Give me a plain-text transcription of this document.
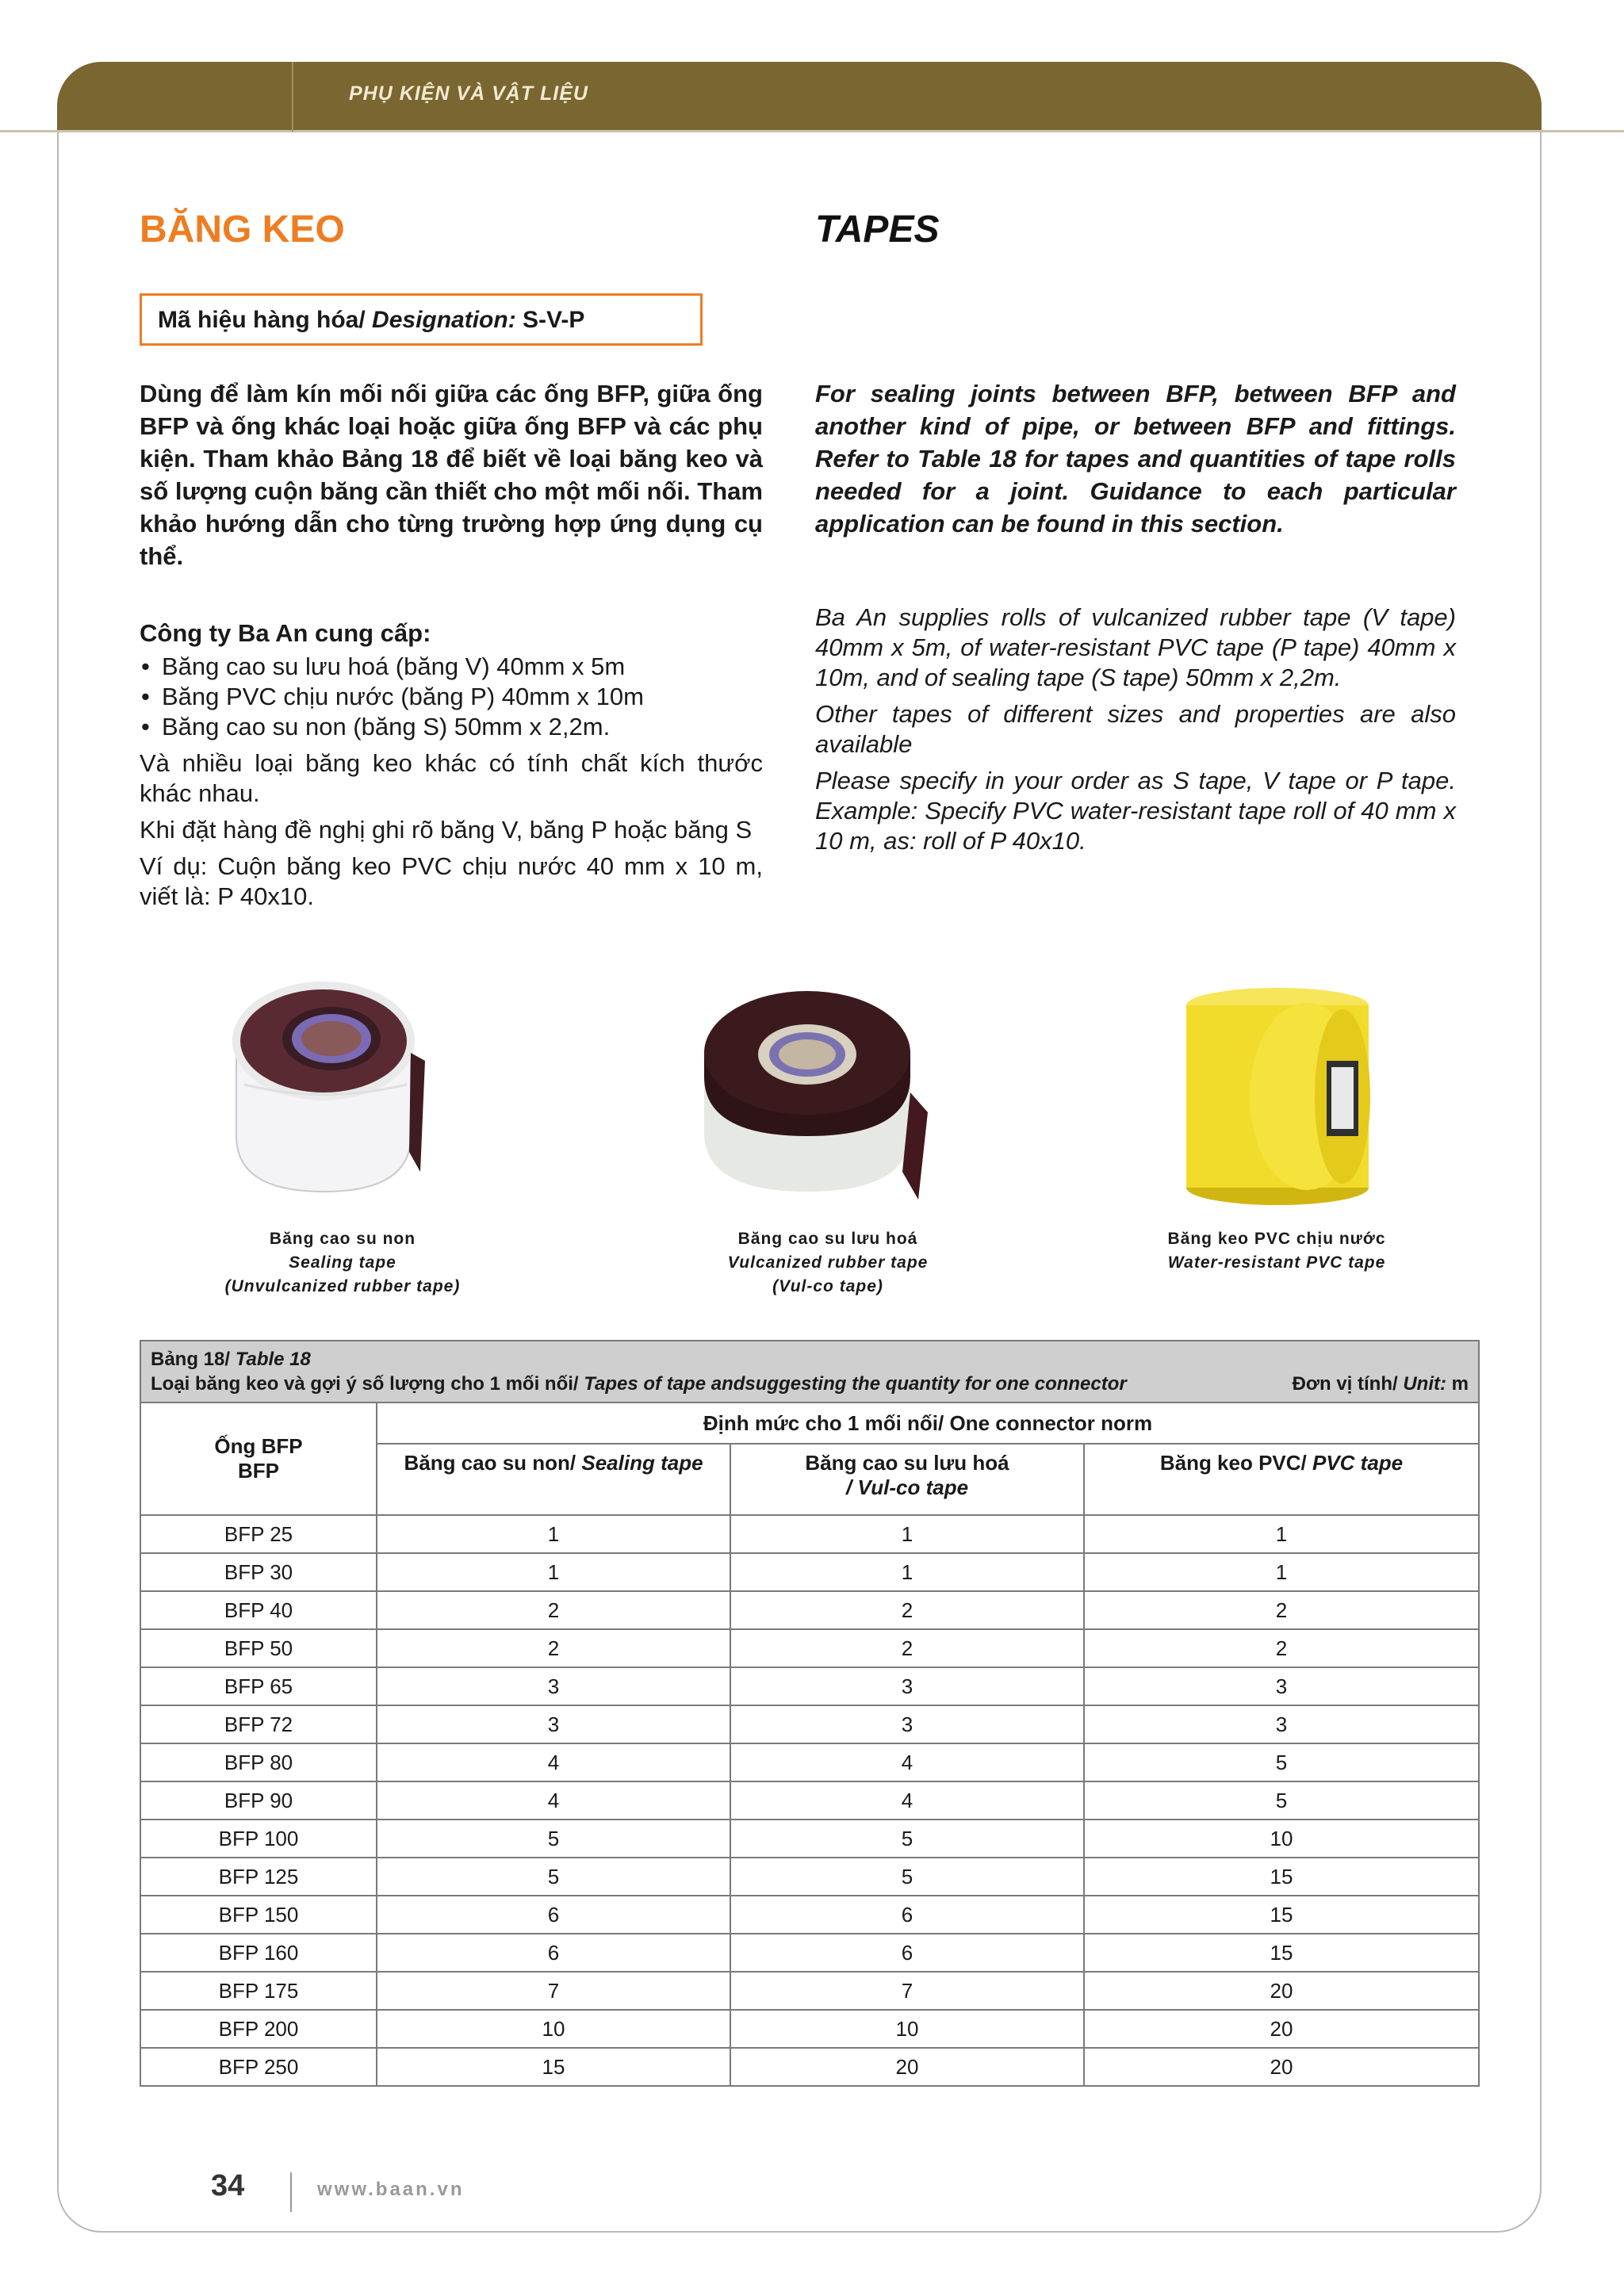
PHỤ KIỆN VÀ VẬT LIỆU
BĂNG KEO	TAPES
Mã hiệu hàng hóa/ Designation: S-V-P
Dùng để làm kín mối nối giữa các ống BFP, giữa ống BFP và ống khác loại hoặc giữa ống BFP và các phụ kiện. Tham khảo Bảng 18 để biết về loại băng keo và số lượng cuộn băng cần thiết cho một mối nối. Tham khảo hướng dẫn cho từng trường hợp ứng dụng cụ thể.
For sealing joints between BFP, between BFP and another kind of pipe, or between BFP and fittings. Refer to Table 18 for tapes and quantities of tape rolls needed for a joint. Guidance to each particular application can be found in this section.
Công ty Ba An cung cấp:
• Băng cao su lưu hoá (băng V) 40mm x 5m
• Băng PVC chịu nước (băng P) 40mm x 10m
• Băng cao su non (băng S) 50mm x 2,2m.

Và nhiều loại băng keo khác có tính chất kích thước khác nhau.

Khi đặt hàng đề nghị ghi rõ băng V, băng P hoặc băng S

Ví dụ: Cuộn băng keo PVC chịu nước 40 mm x 10 m, viết là: P 40x10.

Ba An supplies rolls of vulcanized rubber tape (V tape) 40mm x 5m, of water-resistant PVC tape (P tape) 40mm x 10m, and of sealing tape (S tape) 50mm x 2,2m.

Other tapes of different sizes and properties are also available

Please specify in your order as S tape, V tape or P tape. Example: Specify PVC water-resistant tape roll of 40 mm x 10 m, as: roll of P 40x10.

Băng cao su non
Sealing tape
(Unvulcanized rubber tape)
Băng cao su lưu hoá
Vulcanized rubber tape
(Vul-co tape)
Băng keo PVC chịu nước
Water-resistant PVC tape
Bảng 18/ Table 18
Loại băng keo và gợi ý số lượng cho 1 mối nối/ Tapes of tape andsuggesting the quantity for one connector Đơn vị tính/ Unit: m			

Ống BFP
BFP	Định mức cho 1 mối nối/ One connector norm		
	Băng cao su non/ Sealing tape	Băng cao su lưu hoá
/ Vul-co tape	Băng keo PVC/ PVC tape
BFP 25	1	1	1
BFP 30	1	1	1
BFP 40	2	2	2
BFP 50	2	2	2
BFP 65	3	3	3
BFP 72	3	3	3
BFP 80	4	4	5
BFP 90	4	4	5
BFP 100	5	5	10
BFP 125	5	5	15
BFP 150	6	6	15
BFP 160	6	6	15
BFP 175	7	7	20
BFP 200	10	10	20
BFP 250	15	20	20
34	www.baan.vn
